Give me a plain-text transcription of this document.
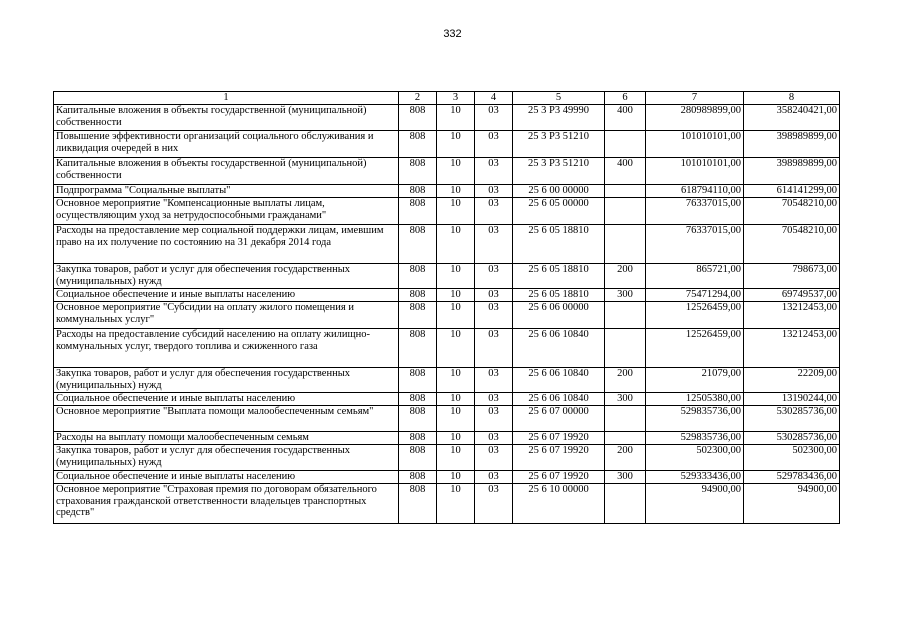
332
1	2	3	4	5	6	7	8
Капитальные вложения в объекты государственной (муниципальной) собственности	808	10	03	25 3 P3 49990	400	280989899,00	358240421,00
Повышение эффективности организаций социального обслуживания и ликвидация очередей в них	808	10	03	25 3 P3 51210		101010101,00	398989899,00
Капитальные вложения в объекты государственной (муниципальной) собственности	808	10	03	25 3 P3 51210	400	101010101,00	398989899,00
Подпрограмма "Социальные выплаты"	808	10	03	25 6 00 00000		618794110,00	614141299,00
Основное мероприятие "Компенсационные выплаты лицам, осуществляющим уход за нетрудоспособными гражданами"	808	10	03	25 6 05 00000		76337015,00	70548210,00
Расходы на предоставление мер социальной поддержки лицам, имевшим право на их получение по состоянию на 31 декабря 2014 года	808	10	03	25 6 05 18810		76337015,00	70548210,00
Закупка товаров, работ и услуг для обеспечения государственных (муниципальных) нужд	808	10	03	25 6 05 18810	200	865721,00	798673,00
Социальное обеспечение и иные выплаты населению	808	10	03	25 6 05 18810	300	75471294,00	69749537,00
Основное мероприятие "Субсидии на оплату жилого помещения и коммунальных услуг"	808	10	03	25 6 06 00000		12526459,00	13212453,00
Расходы на предоставление субсидий населению на оплату жилищно-коммунальных услуг, твердого топлива и сжиженного газа	808	10	03	25 6 06 10840		12526459,00	13212453,00
Закупка товаров, работ и услуг для обеспечения государственных (муниципальных) нужд	808	10	03	25 6 06 10840	200	21079,00	22209,00
Социальное обеспечение и иные выплаты населению	808	10	03	25 6 06 10840	300	12505380,00	13190244,00
Основное мероприятие "Выплата помощи малообеспеченным семьям"	808	10	03	25 6 07 00000		529835736,00	530285736,00
Расходы на выплату помощи малообеспеченным семьям	808	10	03	25 6 07 19920		529835736,00	530285736,00
Закупка товаров, работ и услуг для обеспечения государственных (муниципальных) нужд	808	10	03	25 6 07 19920	200	502300,00	502300,00
Социальное обеспечение и иные выплаты населению	808	10	03	25 6 07 19920	300	529333436,00	529783436,00
Основное мероприятие "Страховая премия по договорам обязательного страхования гражданской ответственности владельцев транспортных средств"	808	10	03	25 6 10 00000		94900,00	94900,00
